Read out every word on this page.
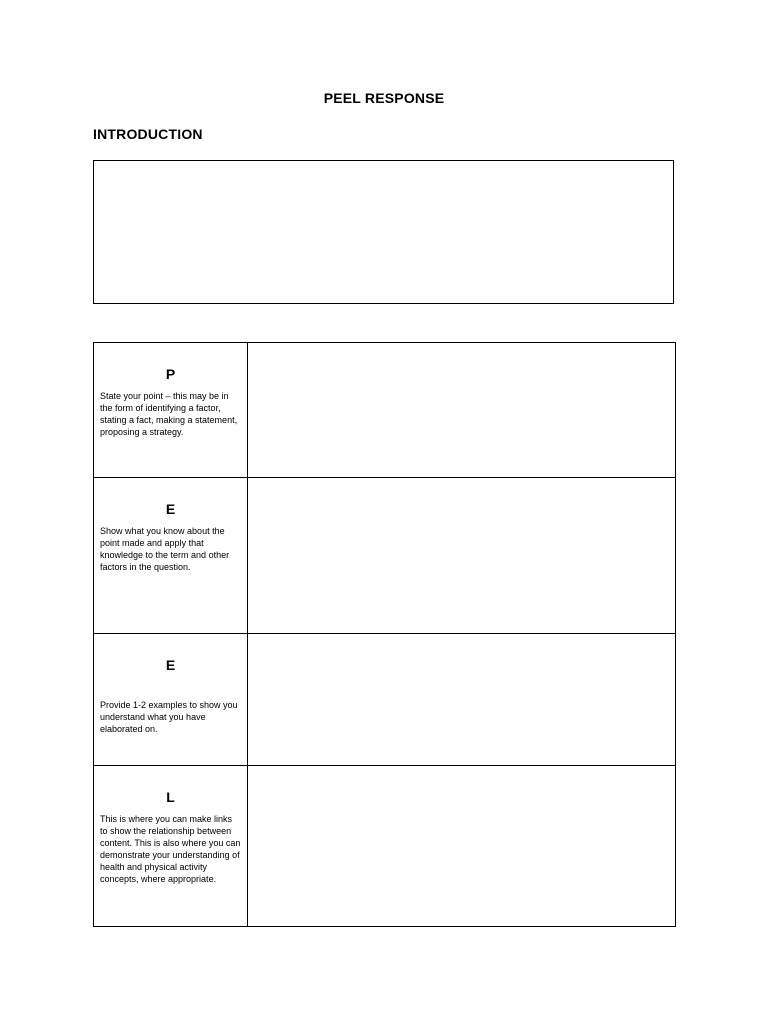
PEEL RESPONSE
INTRODUCTION
P
State your point – this may be in the form of identifying a factor, stating a fact, making a statement, proposing a strategy.	

E
Show what you know about the point made and apply that knowledge to the term and other factors in the question.	

E
Provide 1-2 examples to show you understand what you have elaborated on.	

L
This is where you can make links to show the relationship between content. This is also where you can demonstrate your understanding of health and physical activity concepts, where appropriate.	
